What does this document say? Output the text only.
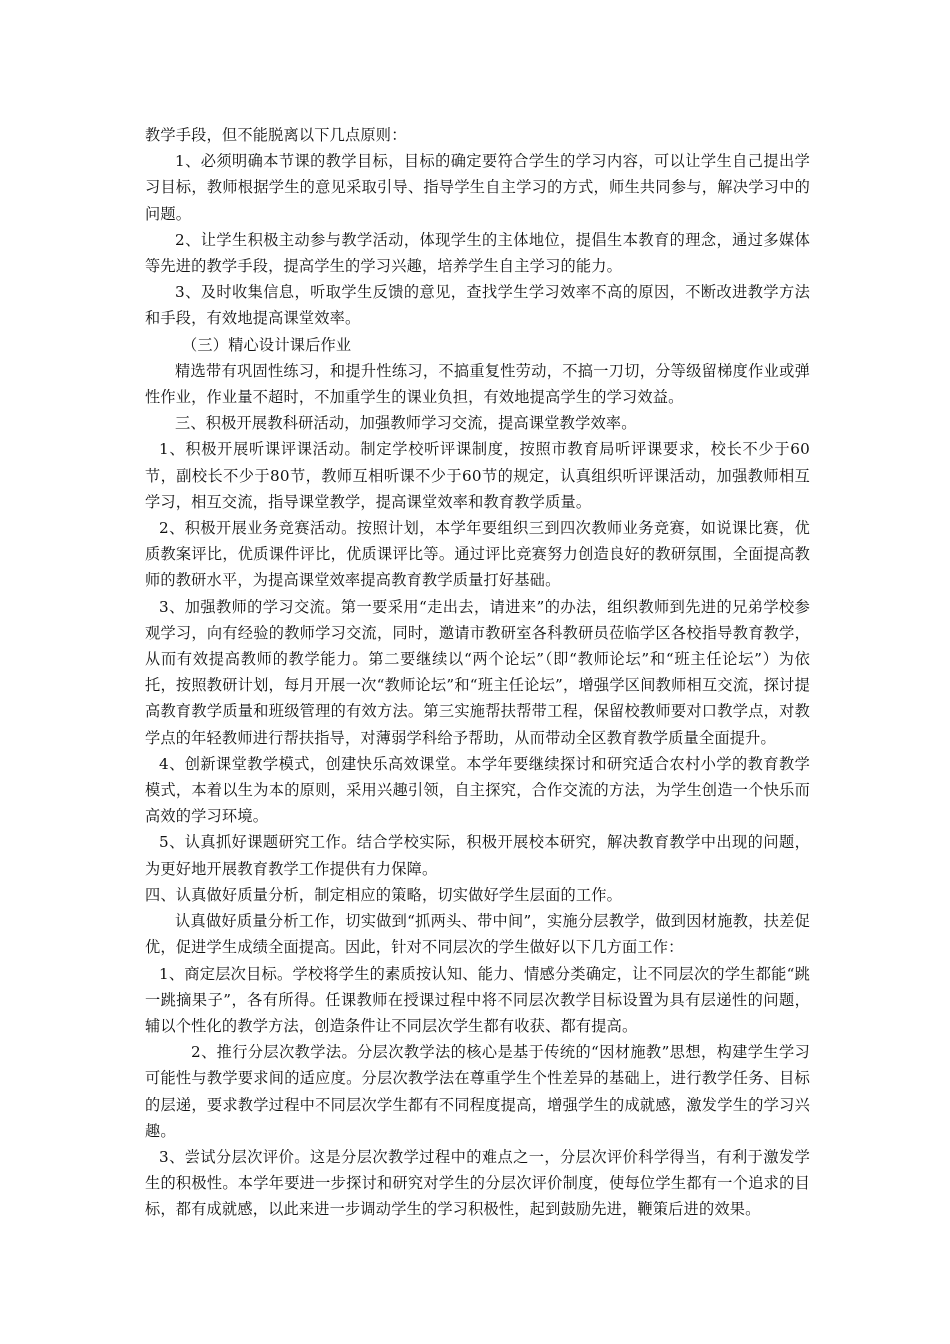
教学手段，但不能脱离以下几点原则：

1、必须明确本节课的教学目标，目标的确定要符合学生的学习内容，可以让学生自己提出学习目标，教师根据学生的意见采取引导、指导学生自主学习的方式，师生共同参与，解决学习中的问题。

2、让学生积极主动参与教学活动，体现学生的主体地位，提倡生本教育的理念，通过多媒体等先进的教学手段，提高学生的学习兴趣，培养学生自主学习的能力。

3、及时收集信息，听取学生反馈的意见，查找学生学习效率不高的原因，不断改进教学方法和手段，有效地提高课堂效率。

（三）精心设计课后作业

精选带有巩固性练习，和提升性练习，不搞重复性劳动，不搞一刀切，分等级留梯度作业或弹性作业，作业量不超时，不加重学生的课业负担，有效地提高学生的学习效益。

三、积极开展教科研活动，加强教师学习交流，提高课堂教学效率。

1、积极开展听课评课活动。制定学校听评课制度，按照市教育局听评课要求，校长不少于60节，副校长不少于80节，教师互相听课不少于60节的规定，认真组织听评课活动，加强教师相互学习，相互交流，指导课堂教学，提高课堂效率和教育教学质量。

2、积极开展业务竞赛活动。按照计划，本学年要组织三到四次教师业务竞赛，如说课比赛，优质教案评比，优质课件评比，优质课评比等。通过评比竞赛努力创造良好的教研氛围，全面提高教师的教研水平，为提高课堂效率提高教育教学质量打好基础。

3、加强教师的学习交流。第一要采用“走出去，请进来”的办法，组织教师到先进的兄弟学校参观学习，向有经验的教师学习交流，同时，邀请市教研室各科教研员莅临学区各校指导教育教学，从而有效提高教师的教学能力。第二要继续以“两个论坛”（即“教师论坛”和“班主任论坛”）为依托，按照教研计划，每月开展一次“教师论坛”和“班主任论坛”，增强学区间教师相互交流，探讨提高教育教学质量和班级管理的有效方法。第三实施帮扶帮带工程，保留校教师要对口教学点，对教学点的年轻教师进行帮扶指导，对薄弱学科给予帮助，从而带动全区教育教学质量全面提升。

4、创新课堂教学模式，创建快乐高效课堂。本学年要继续探讨和研究适合农村小学的教育教学模式，本着以生为本的原则，采用兴趣引领，自主探究，合作交流的方法，为学生创造一个快乐而高效的学习环境。

5、认真抓好课题研究工作。结合学校实际，积极开展校本研究，解决教育教学中出现的问题，为更好地开展教育教学工作提供有力保障。

四、认真做好质量分析，制定相应的策略，切实做好学生层面的工作。

认真做好质量分析工作，切实做到“抓两头、带中间”，实施分层教学，做到因材施教，扶差促优，促进学生成绩全面提高。因此，针对不同层次的学生做好以下几方面工作：

1、商定层次目标。学校将学生的素质按认知、能力、情感分类确定，让不同层次的学生都能“跳一跳摘果子”，各有所得。任课教师在授课过程中将不同层次教学目标设置为具有层递性的问题，辅以个性化的教学方法，创造条件让不同层次学生都有收获、都有提高。

2、推行分层次教学法。分层次教学法的核心是基于传统的“因材施教”思想，构建学生学习可能性与教学要求间的适应度。分层次教学法在尊重学生个性差异的基础上，进行教学任务、目标的层递，要求教学过程中不同层次学生都有不同程度提高，增强学生的成就感，激发学生的学习兴趣。

3、尝试分层次评价。这是分层次教学过程中的难点之一，分层次评价科学得当，有利于激发学生的积极性。本学年要进一步探讨和研究对学生的分层次评价制度，使每位学生都有一个追求的目标，都有成就感，以此来进一步调动学生的学习积极性，起到鼓励先进，鞭策后进的效果。
